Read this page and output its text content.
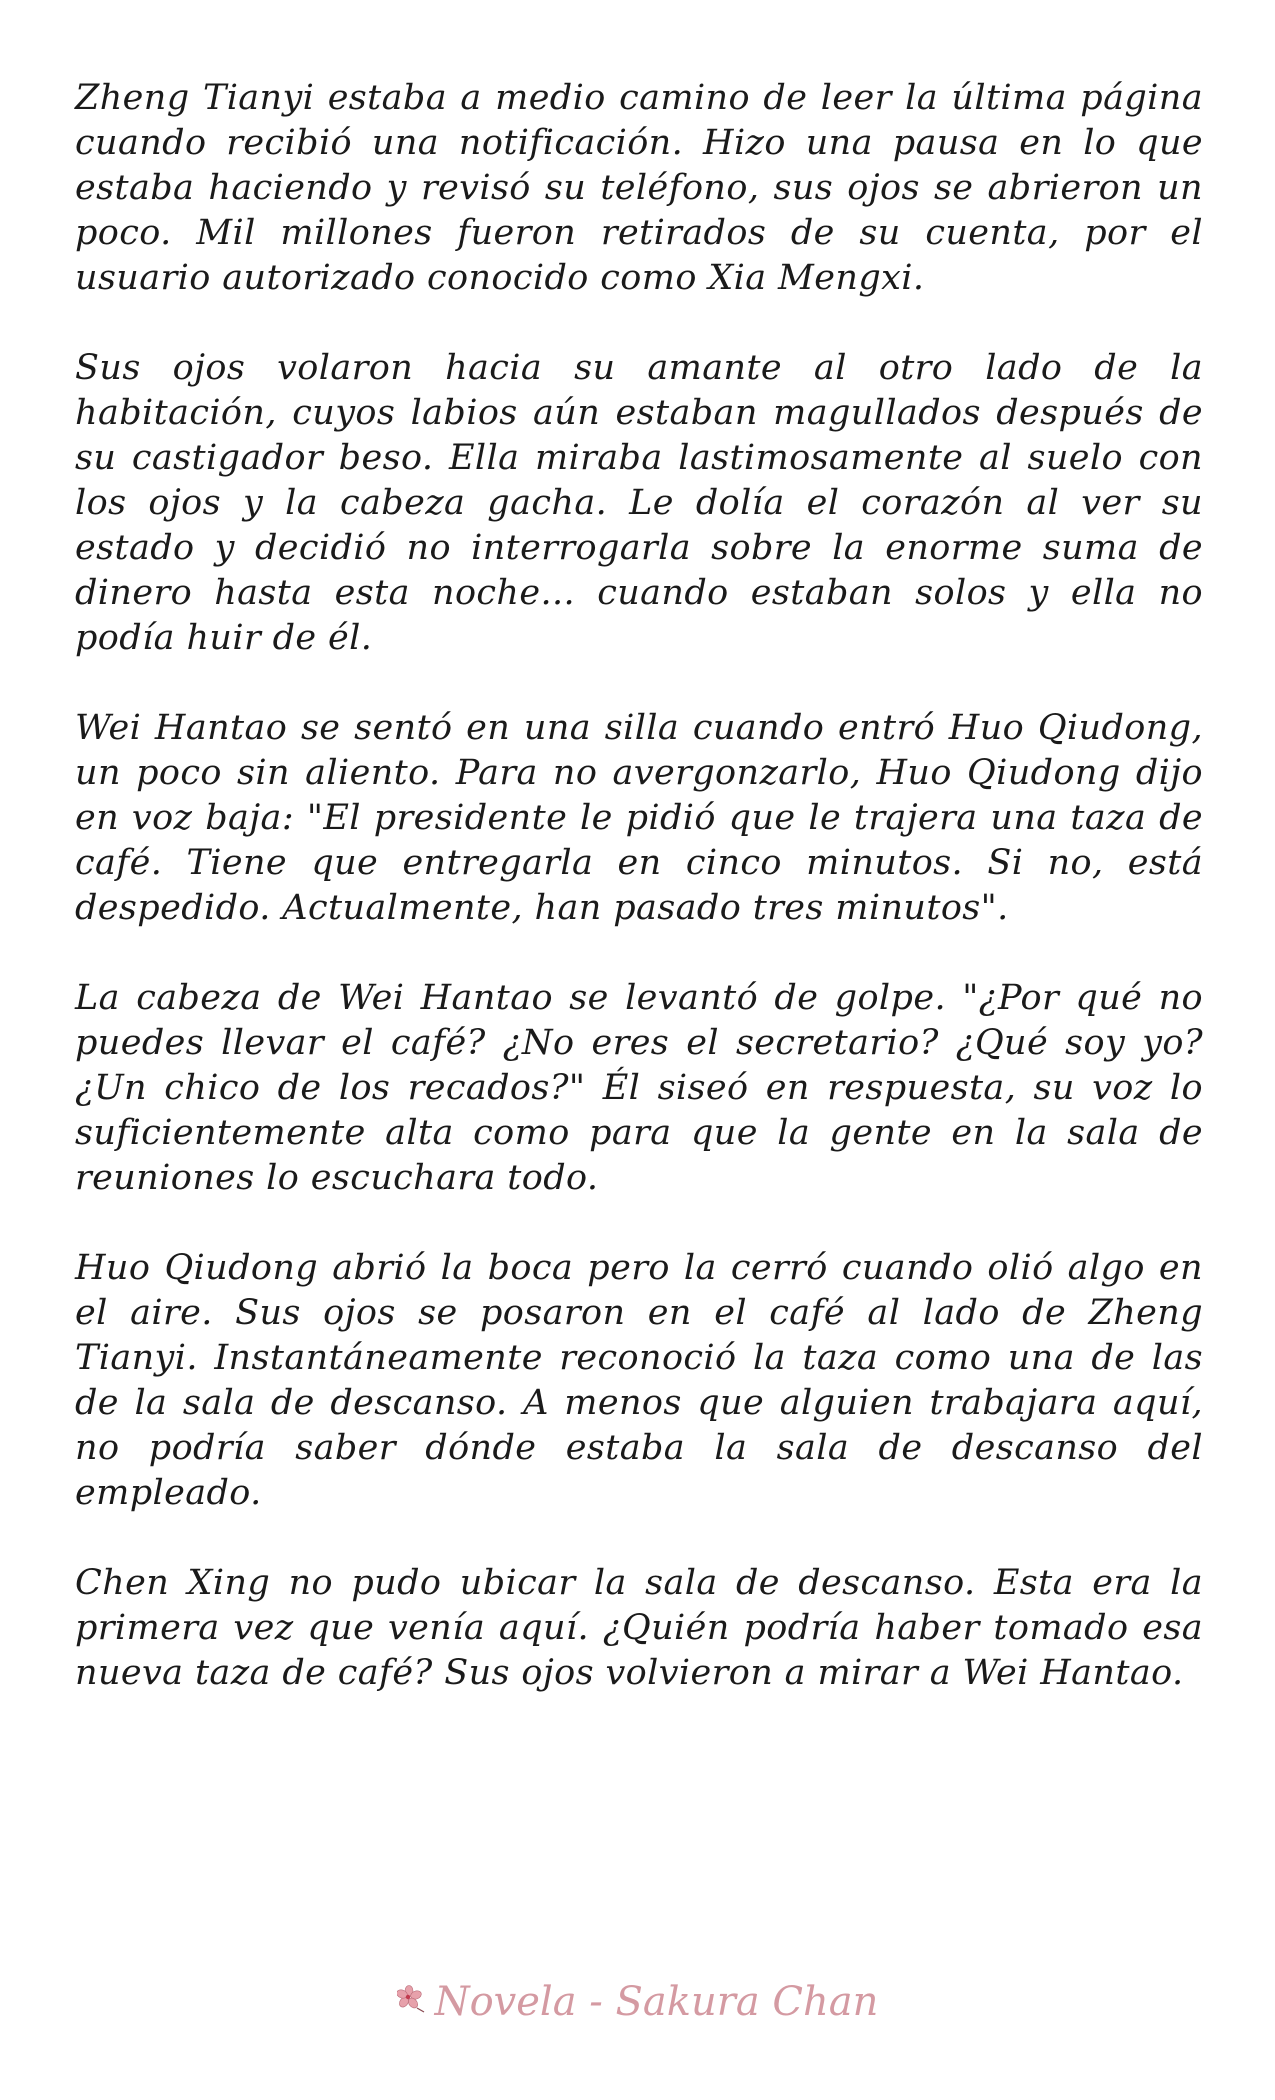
Zheng Tianyi estaba a medio camino de leer la última página cuando recibió una notificación. Hizo una pausa en lo que estaba haciendo y revisó su teléfono, sus ojos se abrieron un poco. Mil millones fueron retirados de su cuenta, por el usuario autorizado conocido como Xia Mengxi.

Sus ojos volaron hacia su amante al otro lado de la habitación, cuyos labios aún estaban magullados después de su castigador beso. Ella miraba lastimosamente al suelo con los ojos y la cabeza gacha. Le dolía el corazón al ver su estado y decidió no interrogarla sobre la enorme suma de dinero hasta esta noche... cuando estaban solos y ella no podía huir de él.

Wei Hantao se sentó en una silla cuando entró Huo Qiudong, un poco sin aliento. Para no avergonzarlo, Huo Qiudong dijo en voz baja: "El presidente le pidió que le trajera una taza de café. Tiene que entregarla en cinco minutos. Si no, está despedido. Actualmente, han pasado tres minutos".

La cabeza de Wei Hantao se levantó de golpe. "¿Por qué no puedes llevar el café? ¿No eres el secretario? ¿Qué soy yo? ¿Un chico de los recados?" Él siseó en respuesta, su voz lo suficientemente alta como para que la gente en la sala de reuniones lo escuchara todo.

Huo Qiudong abrió la boca pero la cerró cuando olió algo en el aire. Sus ojos se posaron en el café al lado de Zheng Tianyi. Instantáneamente reconoció la taza como una de las de la sala de descanso. A menos que alguien trabajara aquí, no podría saber dónde estaba la sala de descanso del empleado.

Chen Xing no pudo ubicar la sala de descanso. Esta era la primera vez que venía aquí. ¿Quién podría haber tomado esa nueva taza de café? Sus ojos volvieron a mirar a Wei Hantao.

Novela - Sakura Chan
